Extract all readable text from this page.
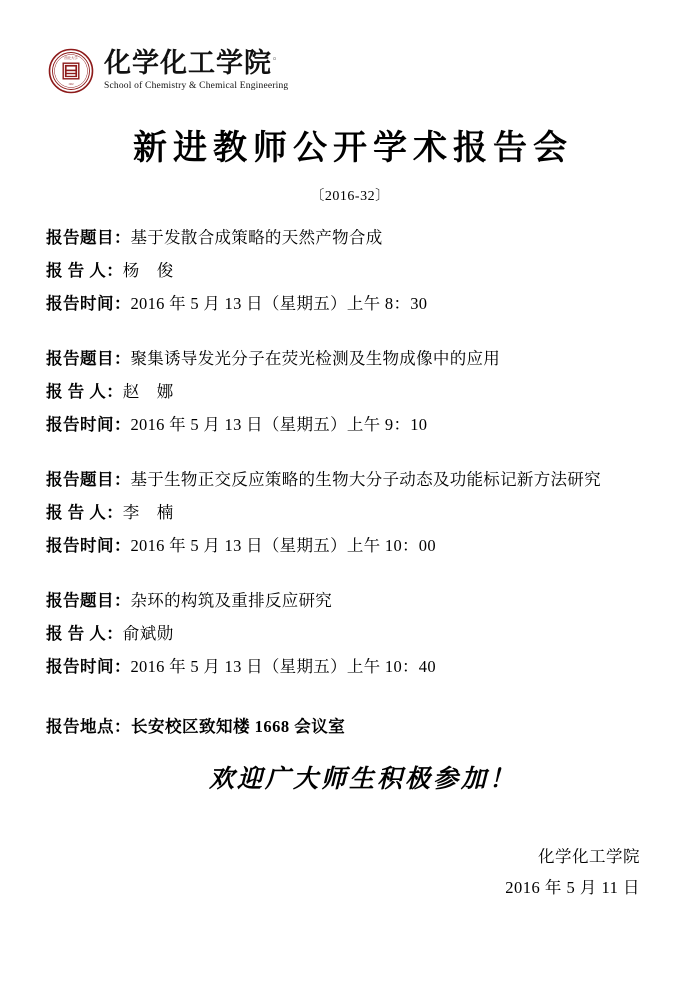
西北大学
1902
化学化工学院◦
School of Chemistry & Chemical Engineering
新进教师公开学术报告会
〔2016-32〕
报告题目 ： 基于发散合成策略的天然产物合成
报 告 人 ： 杨　俊
报告时间 ： 2016 年 5 月 13 日（星期五）上午 8：30
报告题目 ： 聚集诱导发光分子在荧光检测及生物成像中的应用
报 告 人 ： 赵　娜
报告时间 ： 2016 年 5 月 13 日（星期五）上午 9：10
报告题目 ： 基于生物正交反应策略的生物大分子动态及功能标记新方法研究
报 告 人 ： 李　楠
报告时间 ： 2016 年 5 月 13 日（星期五）上午 10：00
报告题目 ： 杂环的构筑及重排反应研究
报 告 人 ： 俞斌勋
报告时间 ： 2016 年 5 月 13 日（星期五）上午 10：40
报告地点 ： 长安校区致知楼 1668 会议室
欢迎广大师生积极参加！
化学化工学院
2016 年 5 月 11 日
